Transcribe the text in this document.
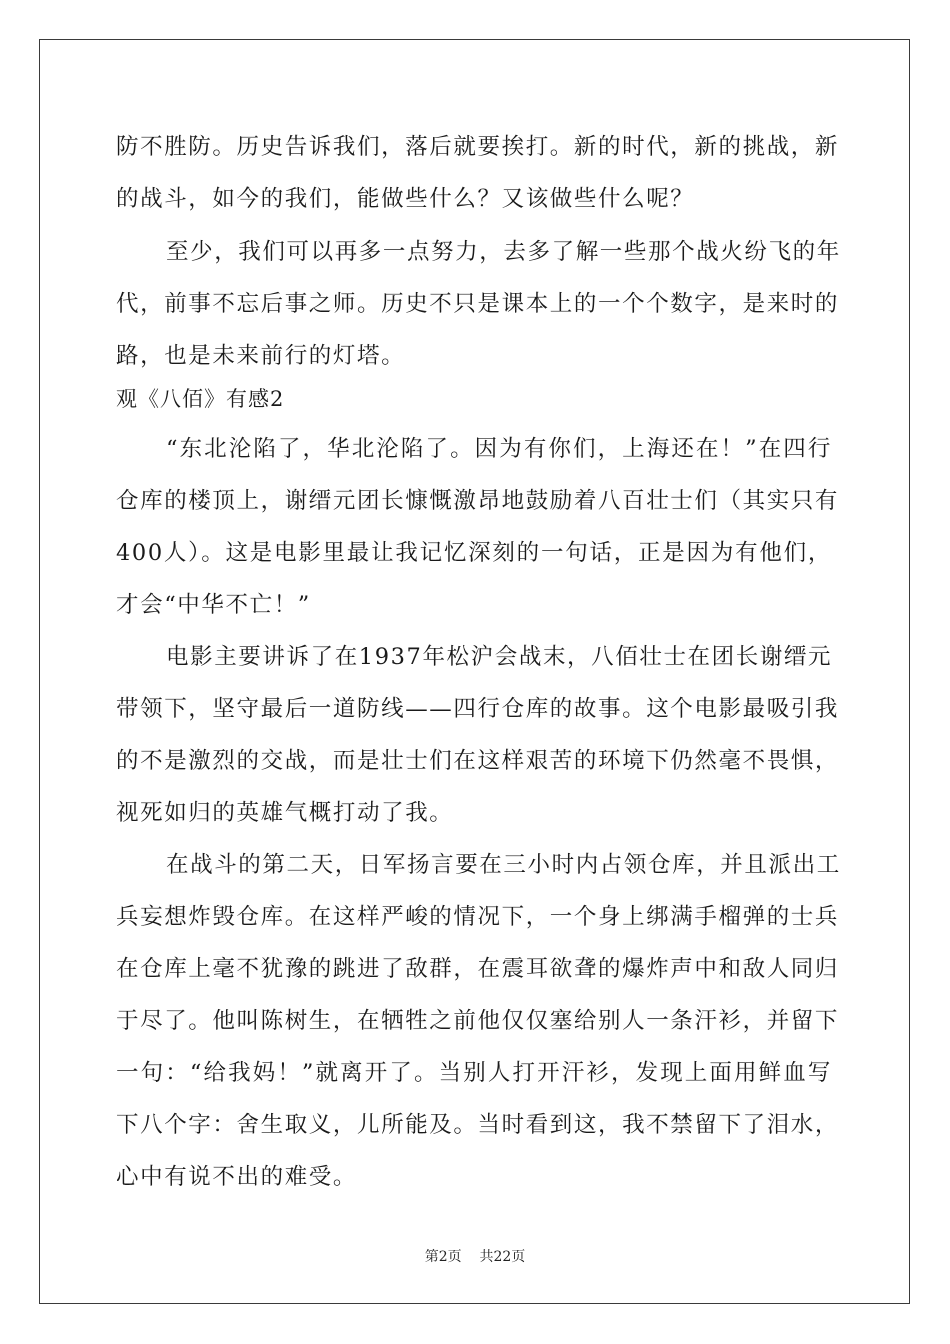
防不胜防。历史告诉我们，落后就要挨打。新的时代，新的挑战，新
的战斗，如今的我们，能做些什么？又该做些什么呢？
至少，我们可以再多一点努力，去多了解一些那个战火纷飞的年
代，前事不忘后事之师。历史不只是课本上的一个个数字，是来时的
路，也是未来前行的灯塔。
观《八佰》有感2
“东北沦陷了，华北沦陷了。因为有你们，上海还在！”在四行
仓库的楼顶上，谢缙元团长慷慨激昂地鼓励着八百壮士们（其实只有
400人）。这是电影里最让我记忆深刻的一句话，正是因为有他们，
才会“中华不亡！”
电影主要讲诉了在1937年松沪会战末，八佰壮士在团长谢缙元
带领下，坚守最后一道防线——四行仓库的故事。这个电影最吸引我
的不是激烈的交战，而是壮士们在这样艰苦的环境下仍然毫不畏惧，
视死如归的英雄气概打动了我。
在战斗的第二天，日军扬言要在三小时内占领仓库，并且派出工
兵妄想炸毁仓库。在这样严峻的情况下，一个身上绑满手榴弹的士兵
在仓库上毫不犹豫的跳进了敌群，在震耳欲聋的爆炸声中和敌人同归
于尽了。他叫陈树生，在牺牲之前他仅仅塞给别人一条汗衫，并留下
一句：“给我妈！”就离开了。当别人打开汗衫，发现上面用鲜血写
下八个字：舍生取义，儿所能及。当时看到这，我不禁留下了泪水，
心中有说不出的难受。
第2页 共22页
